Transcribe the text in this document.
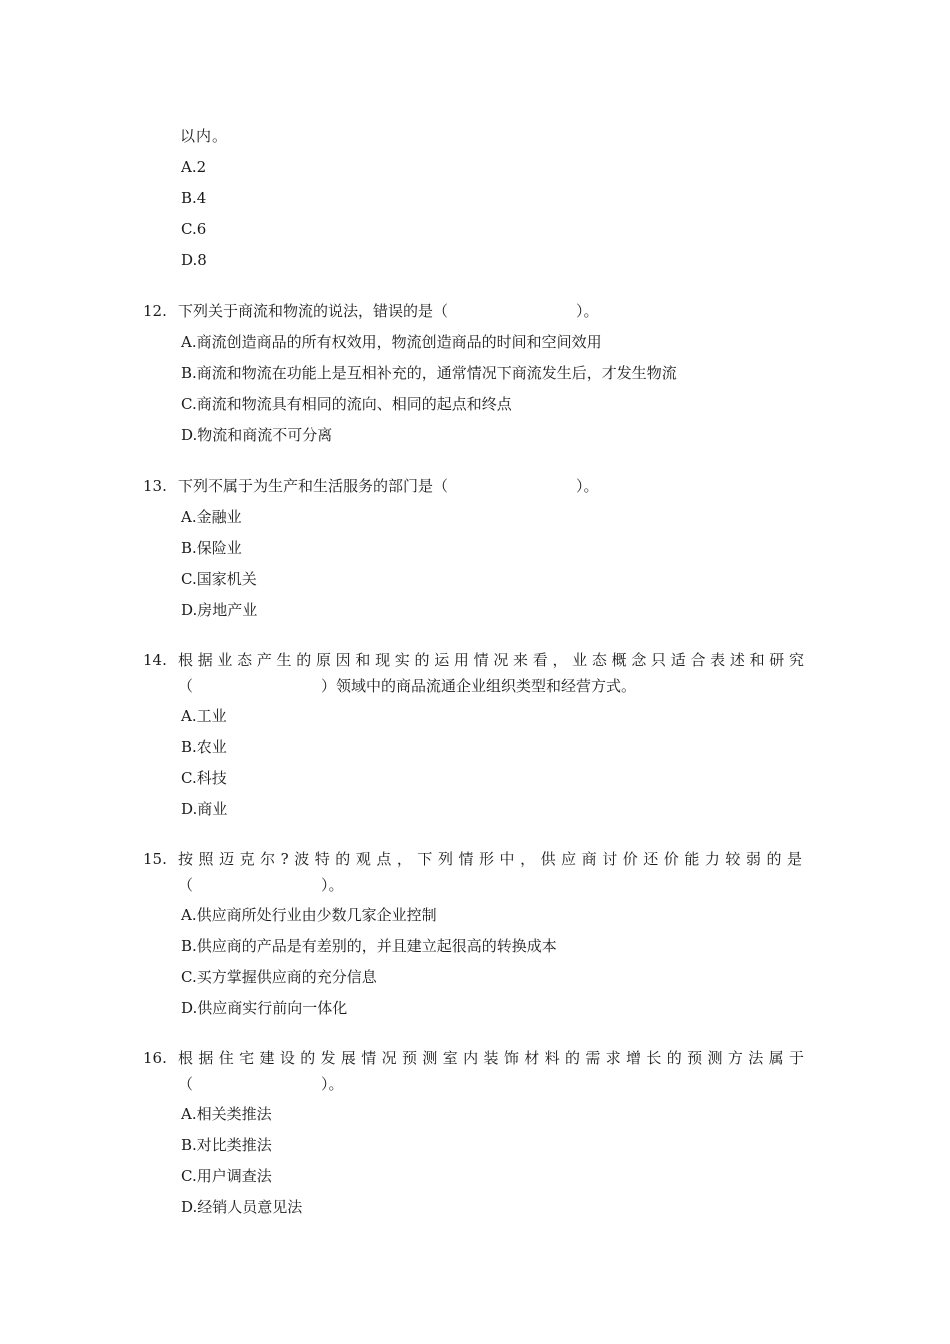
以内。
A.2
B.4
C.6
D.8
12. 下列关于商流和物流的说法，错误的是（	）。
A.商流创造商品的所有权效用，物流创造商品的时间和空间效用
B.商流和物流在功能上是互相补充的，通常情况下商流发生后，才发生物流
C.商流和物流具有相同的流向、相同的起点和终点
D.物流和商流不可分离
13. 下列不属于为生产和生活服务的部门是（	）。
A.金融业
B.保险业
C.国家机关
D.房地产业
14. 根据业态产生的原因和现实的运用情况来看，业态概念只适合表述和研究
（	）领域中的商品流通企业组织类型和经营方式。
A.工业
B.农业
C.科技
D.商业
15. 按照迈克尔?波特的观点，下列情形中，供应商讨价还价能力较弱的是
（	）。
A.供应商所处行业由少数几家企业控制
B.供应商的产品是有差别的，并且建立起很高的转换成本
C.买方掌握供应商的充分信息
D.供应商实行前向一体化
16. 根据住宅建设的发展情况预测室内装饰材料的需求增长的预测方法属于
（	）。
A.相关类推法
B.对比类推法
C.用户调查法
D.经销人员意见法
